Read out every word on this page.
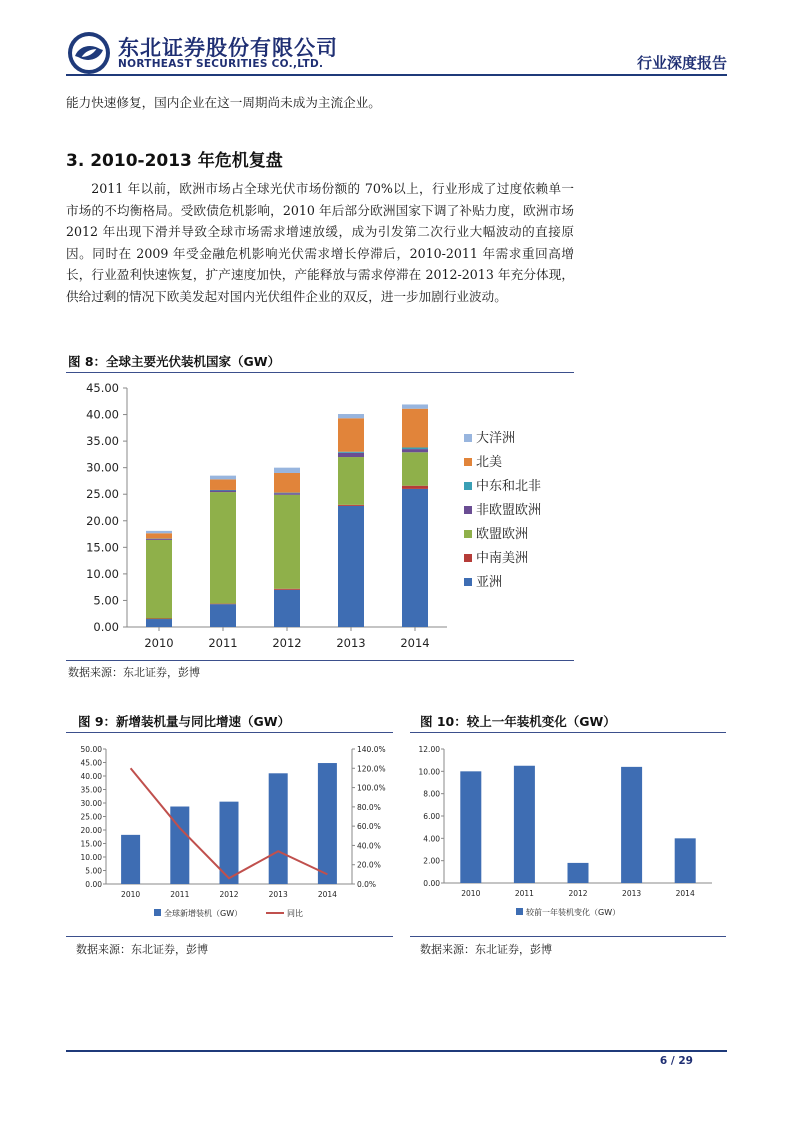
东北证券股份有限公司
NORTHEAST SECURITIES CO.,LTD.	行业深度报告
能力快速修复，国内企业在这一周期尚未成为主流企业。
3. 2010-2013 年危机复盘
2011 年以前，欧洲市场占全球光伏市场份额的 70%以上，行业形成了过度依赖单一市场的不均衡格局。受欧债危机影响，2010 年后部分欧洲国家下调了补贴力度，欧洲市场 2012 年出现下滑并导致全球市场需求增速放缓，成为引发第二次行业大幅波动的直接原因。同时在 2009 年受金融危机影响光伏需求增长停滞后，2010-2011 年需求重回高增长，行业盈利快速恢复，扩产速度加快，产能释放与需求停滞在 2012-2013 年充分体现，供给过剩的情况下欧美发起对国内光伏组件企业的双反，进一步加剧行业波动。
图 8：全球主要光伏装机国家（GW）
0.00
5.00
10.00
15.00
20.00
25.00
30.00
35.00
40.00
45.00
2010	2011	2012	2013	2014
大洋洲
北美
中东和北非
非欧盟欧洲
欧盟欧洲
中南美洲
亚洲
数据来源：东北证券，彭博
图 9：新增装机量与同比增速（GW）
0.00
5.00
10.00
15.00
20.00
25.00
30.00
35.00
40.00
45.00
50.00
0.0%
20.0%
40.0%
60.0%
80.0%
100.0%
120.0%
140.0%
2010	2011	2012	2013	2014
全球新增装机（GW）	同比
数据来源：东北证券，彭博
图 10：较上一年装机变化（GW）
0.00
2.00
4.00
6.00
8.00
10.00
12.00
2010	2011	2012	2013	2014
较前一年装机变化（GW）
数据来源：东北证券，彭博
6 / 29
